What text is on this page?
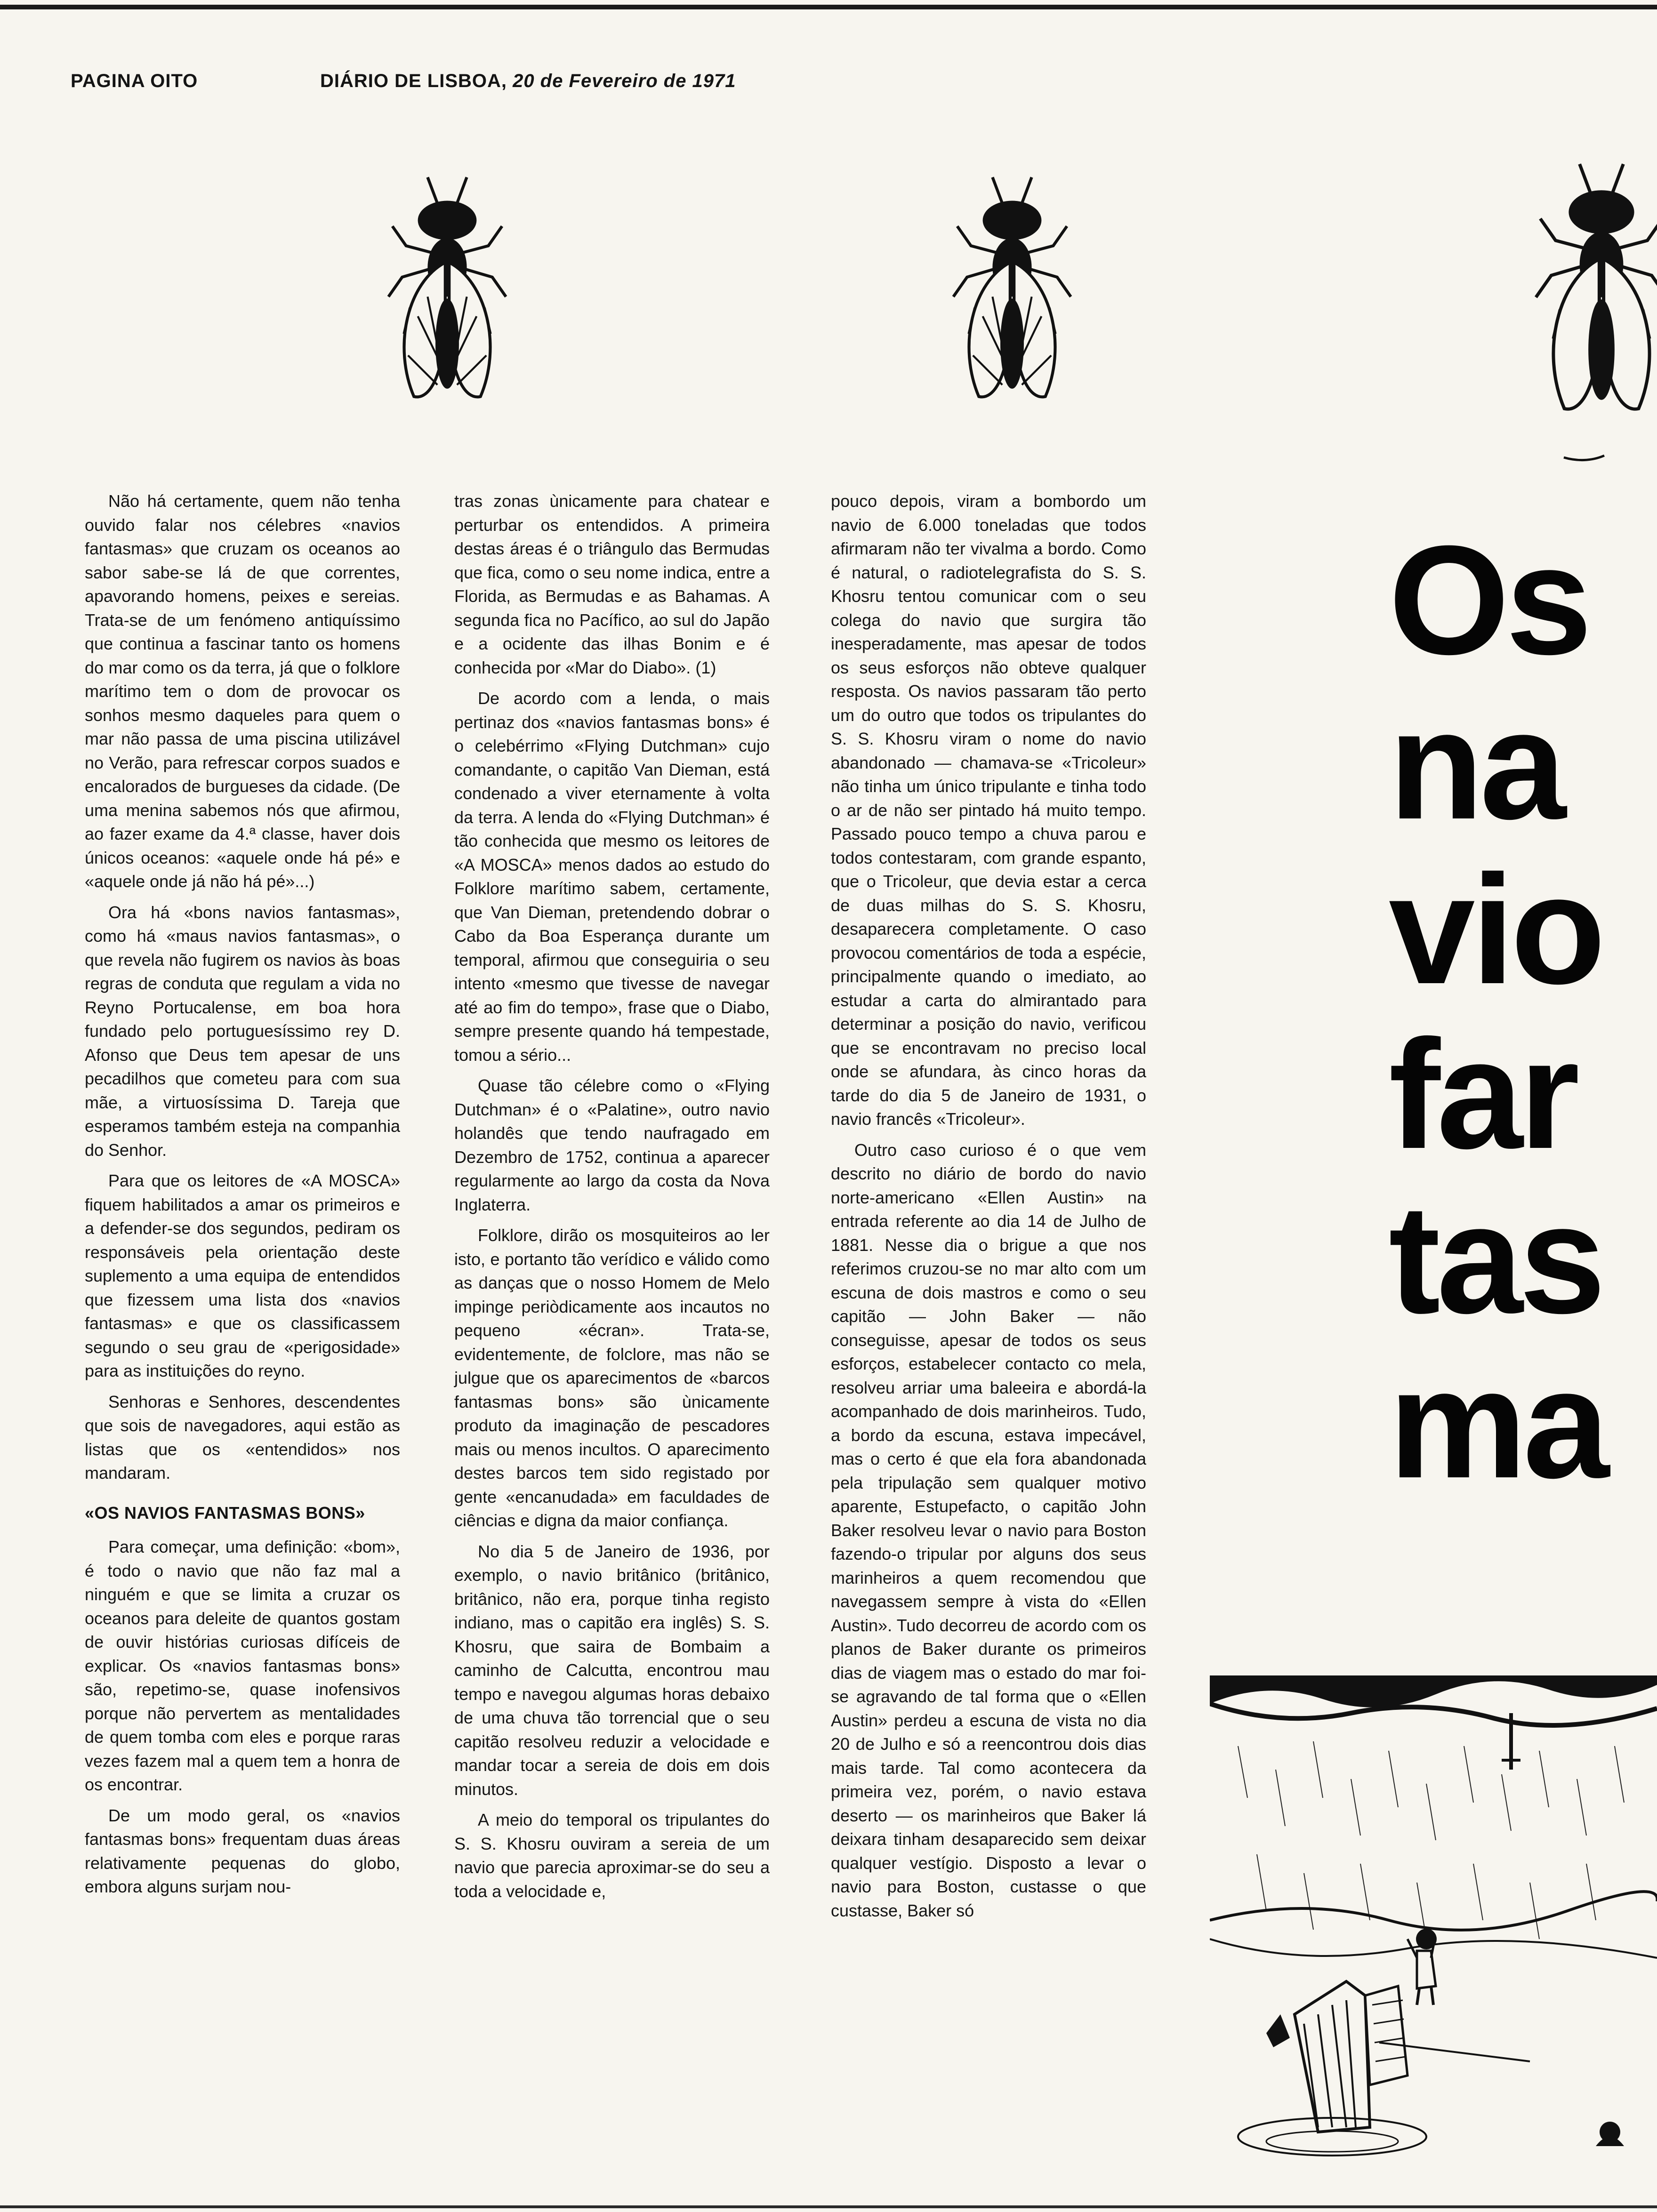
PAGINA OITO	DIÁRIO DE LISBOA, 20 de Fevereiro de 1971

Não há certamente, quem não tenha ouvido falar nos célebres «navios fantasmas» que cruzam os oceanos ao sabor sabe-se lá de que correntes, apavorando homens, peixes e sereias. Trata-se de um fenómeno antiquíssimo que continua a fascinar tanto os homens do mar como os da terra, já que o folklore marítimo tem o dom de provocar os sonhos mesmo daqueles para quem o mar não passa de uma piscina utilizável no Verão, para refrescar corpos suados e encalorados de burgueses da cidade. (De uma menina sabemos nós que afirmou, ao fazer exame da 4.ª classe, haver dois únicos oceanos: «aquele onde há pé» e «aquele onde já não há pé»...)

Ora há «bons navios fantasmas», como há «maus navios fantasmas», o que revela não fugirem os navios às boas regras de conduta que regulam a vida no Reyno Portucalense, em boa hora fundado pelo portuguesíssimo rey D. Afonso que Deus tem apesar de uns pecadilhos que cometeu para com sua mãe, a virtuosíssima D. Tareja que esperamos também esteja na companhia do Senhor.

Para que os leitores de «A MOSCA» fiquem habilitados a amar os primeiros e a defender-se dos segundos, pediram os responsáveis pela orientação deste suplemento a uma equipa de entendidos que fizessem uma lista dos «navios fantasmas» e que os classificassem segundo o seu grau de «perigosidade» para as instituições do reyno.

Senhoras e Senhores, descendentes que sois de navegadores, aqui estão as listas que os «entendidos» nos mandaram.

«OS NAVIOS FANTASMAS BONS»

Para começar, uma definição: «bom», é todo o navio que não faz mal a ninguém e que se limita a cruzar os oceanos para deleite de quantos gostam de ouvir histórias curiosas difíceis de explicar. Os «navios fantasmas bons» são, repetimo-se, quase inofensivos porque não pervertem as mentalidades de quem tomba com eles e porque raras vezes fazem mal a quem tem a honra de os encontrar.

De um modo geral, os «navios fantasmas bons» frequentam duas áreas relativamente pequenas do globo, embora alguns surjam nou-

tras zonas ùnicamente para chatear e perturbar os entendidos. A primeira destas áreas é o triângulo das Bermudas que fica, como o seu nome indica, entre a Florida, as Bermudas e as Bahamas. A segunda fica no Pacífico, ao sul do Japão e a ocidente das ilhas Bonim e é conhecida por «Mar do Diabo». (1)

De acordo com a lenda, o mais pertinaz dos «navios fantasmas bons» é o celebérrimo «Flying Dutchman» cujo comandante, o capitão Van Dieman, está condenado a viver eternamente à volta da terra. A lenda do «Flying Dutchman» é tão conhecida que mesmo os leitores de «A MOSCA» menos dados ao estudo do Folklore marítimo sabem, certamente, que Van Dieman, pretendendo dobrar o Cabo da Boa Esperança durante um temporal, afirmou que conseguiria o seu intento «mesmo que tivesse de navegar até ao fim do tempo», frase que o Diabo, sempre presente quando há tempestade, tomou a sério...

Quase tão célebre como o «Flying Dutchman» é o «Palatine», outro navio holandês que tendo naufragado em Dezembro de 1752, continua a aparecer regularmente ao largo da costa da Nova Inglaterra.

Folklore, dirão os mosquiteiros ao ler isto, e portanto tão verídico e válido como as danças que o nosso Homem de Melo impinge periòdicamente aos incautos no pequeno «écran». Trata-se, evidentemente, de folclore, mas não se julgue que os aparecimentos de «barcos fantasmas bons» são ùnicamente produto da imaginação de pescadores mais ou menos incultos. O aparecimento destes barcos tem sido registado por gente «encanudada» em faculdades de ciências e digna da maior confiança.

No dia 5 de Janeiro de 1936, por exemplo, o navio britânico (britânico, britânico, não era, porque tinha registo indiano, mas o capitão era inglês) S. S. Khosru, que saira de Bombaim a caminho de Calcutta, encontrou mau tempo e navegou algumas horas debaixo de uma chuva tão torrencial que o seu capitão resolveu reduzir a velocidade e mandar tocar a sereia de dois em dois minutos.

A meio do temporal os tripulantes do S. S. Khosru ouviram a sereia de um navio que parecia aproximar-se do seu a toda a velocidade e,

pouco depois, viram a bombordo um navio de 6.000 toneladas que todos afirmaram não ter vivalma a bordo. Como é natural, o radiotelegrafista do S. S. Khosru tentou comunicar com o seu colega do navio que surgira tão inesperadamente, mas apesar de todos os seus esforços não obteve qualquer resposta. Os navios passaram tão perto um do outro que todos os tripulantes do S. S. Khosru viram o nome do navio abandonado — chamava-se «Tricoleur» não tinha um único tripulante e tinha todo o ar de não ser pintado há muito tempo. Passado pouco tempo a chuva parou e todos contestaram, com grande espanto, que o Tricoleur, que devia estar a cerca de duas milhas do S. S. Khosru, desaparecera completamente. O caso provocou comentários de toda a espécie, principalmente quando o imediato, ao estudar a carta do almirantado para determinar a posição do navio, verificou que se encontravam no preciso local onde se afundara, às cinco horas da tarde do dia 5 de Janeiro de 1931, o navio francês «Tricoleur».

Outro caso curioso é o que vem descrito no diário de bordo do navio norte-americano «Ellen Austin» na entrada referente ao dia 14 de Julho de 1881. Nesse dia o brigue a que nos referimos cruzou-se no mar alto com um escuna de dois mastros e como o seu capitão — John Baker — não conseguisse, apesar de todos os seus esforços, estabelecer contacto co mela, resolveu arriar uma baleeira e abordá-la acompanhado de dois marinheiros. Tudo, a bordo da escuna, estava impecável, mas o certo é que ela fora abandonada pela tripulação sem qualquer motivo aparente, Estupefacto, o capitão John Baker resolveu levar o navio para Boston fazendo-o tripular por alguns dos seus marinheiros a quem recomendou que navegassem sempre à vista do «Ellen Austin». Tudo decorreu de acordo com os planos de Baker durante os primeiros dias de viagem mas o estado do mar foi-se agravando de tal forma que o «Ellen Austin» perdeu a escuna de vista no dia 20 de Julho e só a reencontrou dois dias mais tarde. Tal como acontecera da primeira vez, porém, o navio estava deserto — os marinheiros que Baker lá deixara tinham desaparecido sem deixar qualquer vestígio. Disposto a levar o navio para Boston, custasse o que custasse, Baker só

Os
na
vio
far
tas
ma
